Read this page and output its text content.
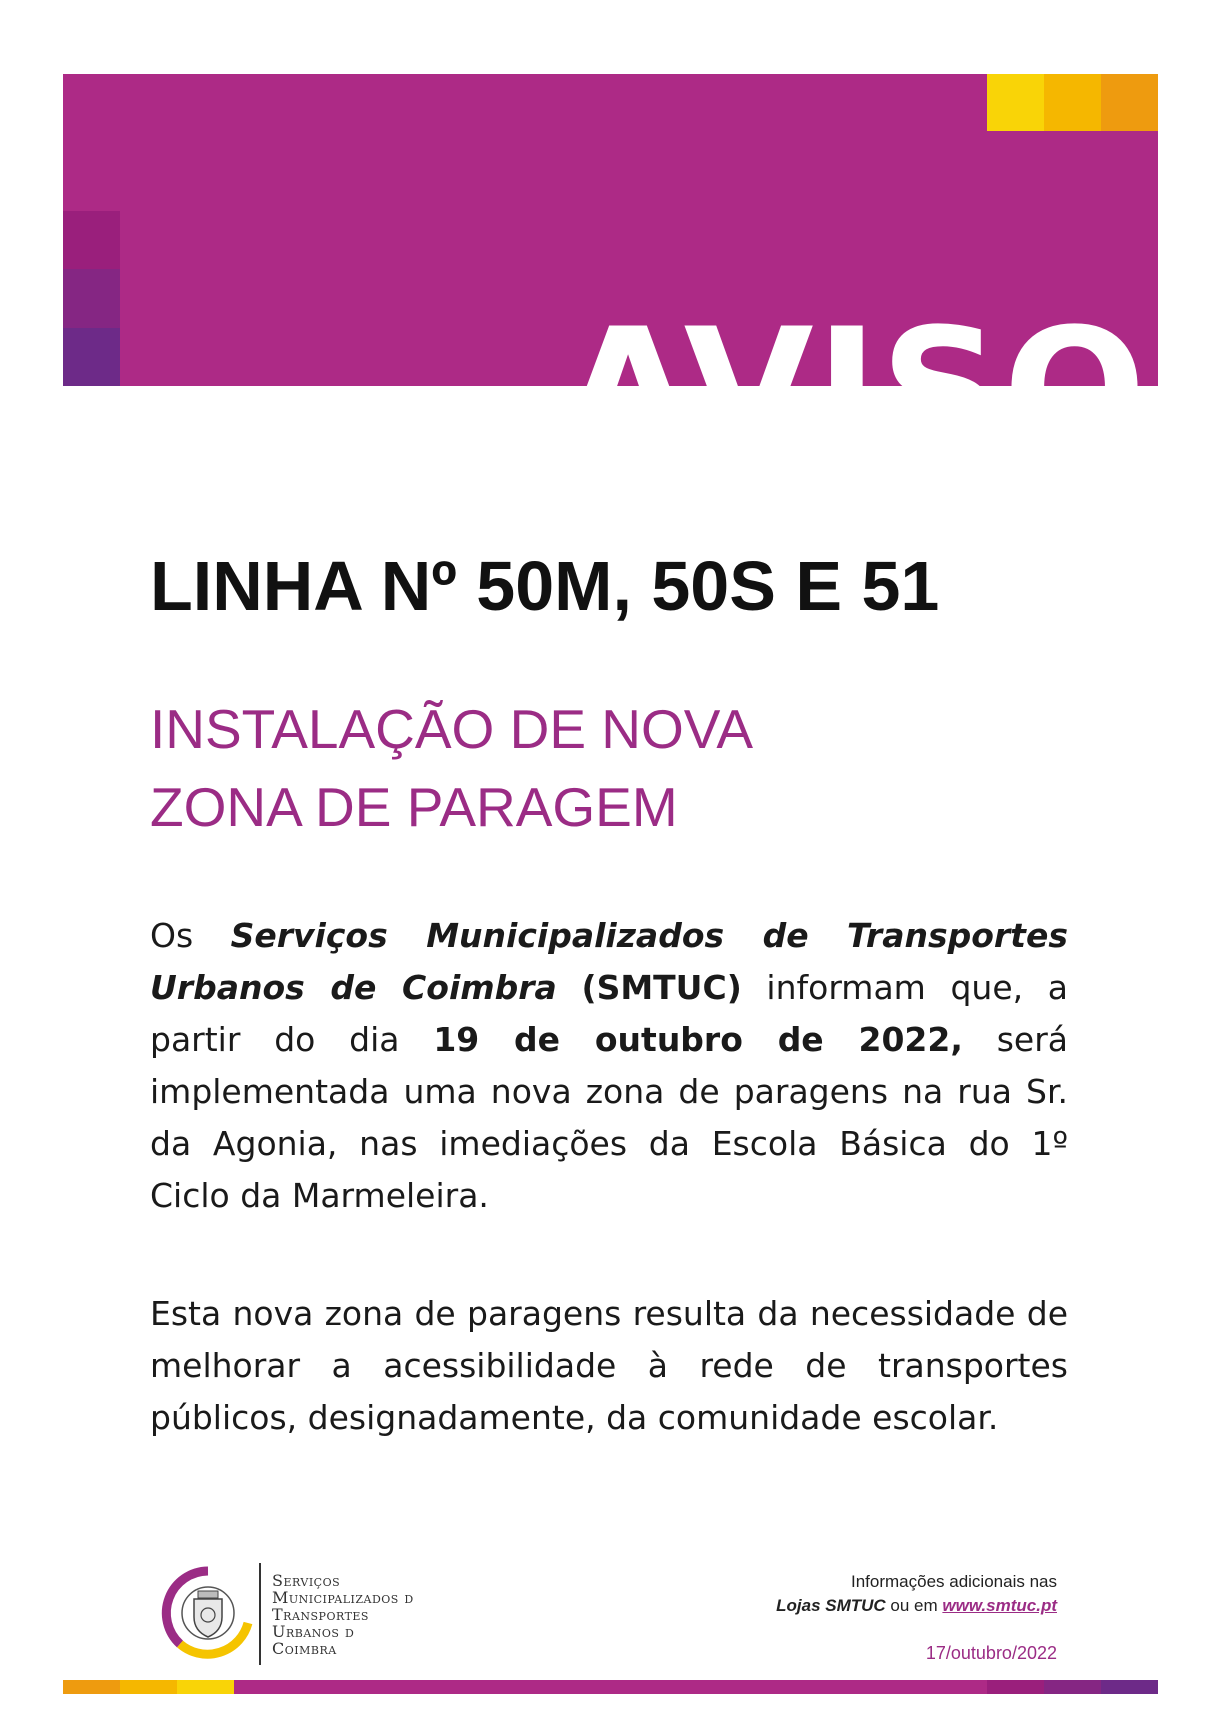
AVISO
LINHA Nº 50M, 50S E 51
INSTALAÇÃO DE NOVA
ZONA DE PARAGEM
Os Serviços Municipalizados de Transportes Urbanos de Coimbra (SMTUC) informam que, a partir do dia 19 de outubro de 2022, será implementada uma nova zona de paragens na rua Sr. da Agonia, nas imediações da Escola Básica do 1º Ciclo da Marmeleira.
Esta nova zona de paragens resulta da necessidade de melhorar a acessibilidade à rede de transportes públicos, designadamente, da comunidade escolar.
Serviços
Municipalizados d
Transportes
Urbanos d
Coimbra
Informações adicionais nas
Lojas SMTUC ou em www.smtuc.pt
17/outubro/2022
